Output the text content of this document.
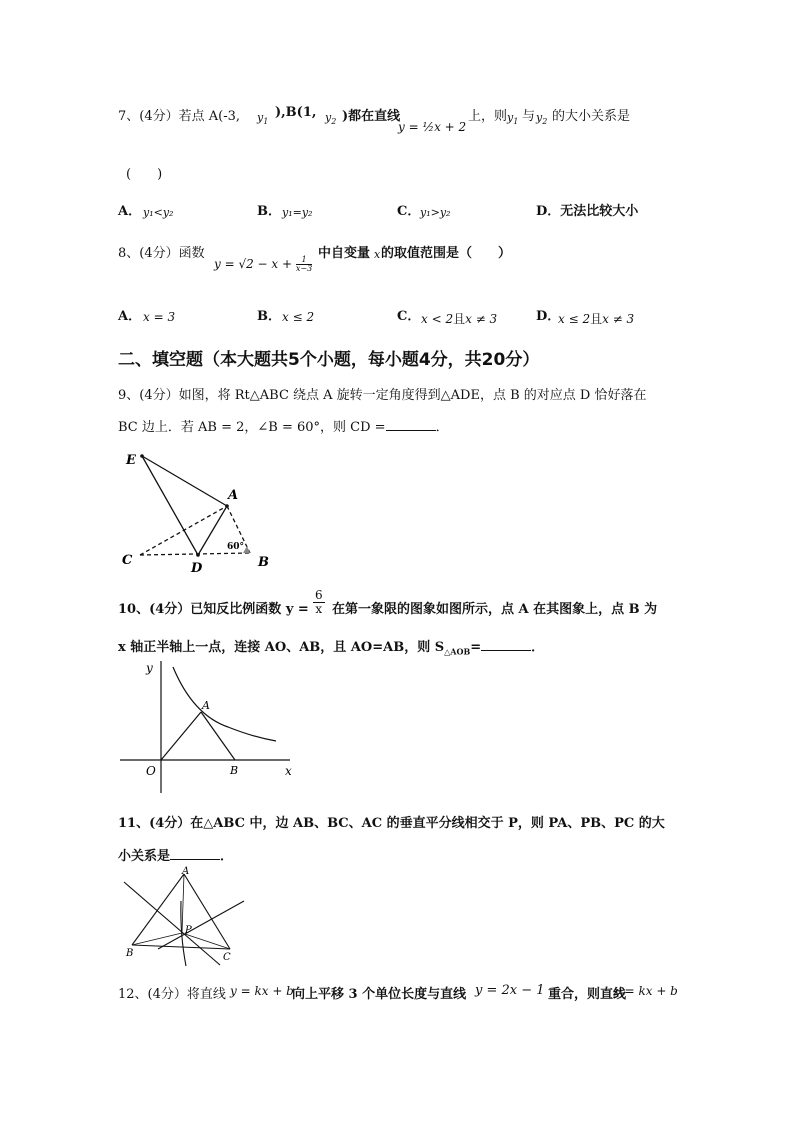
7、(4分）若点 A(-3, $y_1$
),B(1, $y_2$ )都在直线
y = ½x + 2
上，则 $y_1$ 与 $y_2$ 的大小关系是
(　　)
A． y₁<y₂	B． y₁=y₂	C． y₁>y₂	D．无法比较大小
8、(4分）函数
$y = √2 - x + \frac{1}{x-3}$
中自变量 x 的取值范围是（　　）
A． x = 3	B． x ≤ 2	C． x < 2且x ≠ 3	D．
x ≤ 2且x ≠ 3
二、填空题（本大题共5个小题，每小题4分，共20分）
9、(4分）如图，将 Rt△ABC 绕点 A 旋转一定角度得到△ADE，点 B 的对应点 D 恰好落在
BC 边上．若 AB = 2，∠B = 60°，则 CD =	．
E
A
C
D	B
60°
10、(4分）已知反比例函数 y =
6
x 在第一象限的图象如图所示，点 A 在其图象上，点 B 为
x 轴正半轴上一点，连接 AO、AB，且 AO=AB，则 $S_{\triangle AOB}=$	．
y
x
O
A
B
11、(4分）在△ABC 中，边 AB、BC、AC 的垂直平分线相交于 P，则 PA、PB、PC 的大
小关系是	．
A
B	C
P
12、(4分）将直线 y = kx + b
向上平移 3 个单位长度与直线 y = 2x − 1 重合，则直线
y = kx + b
